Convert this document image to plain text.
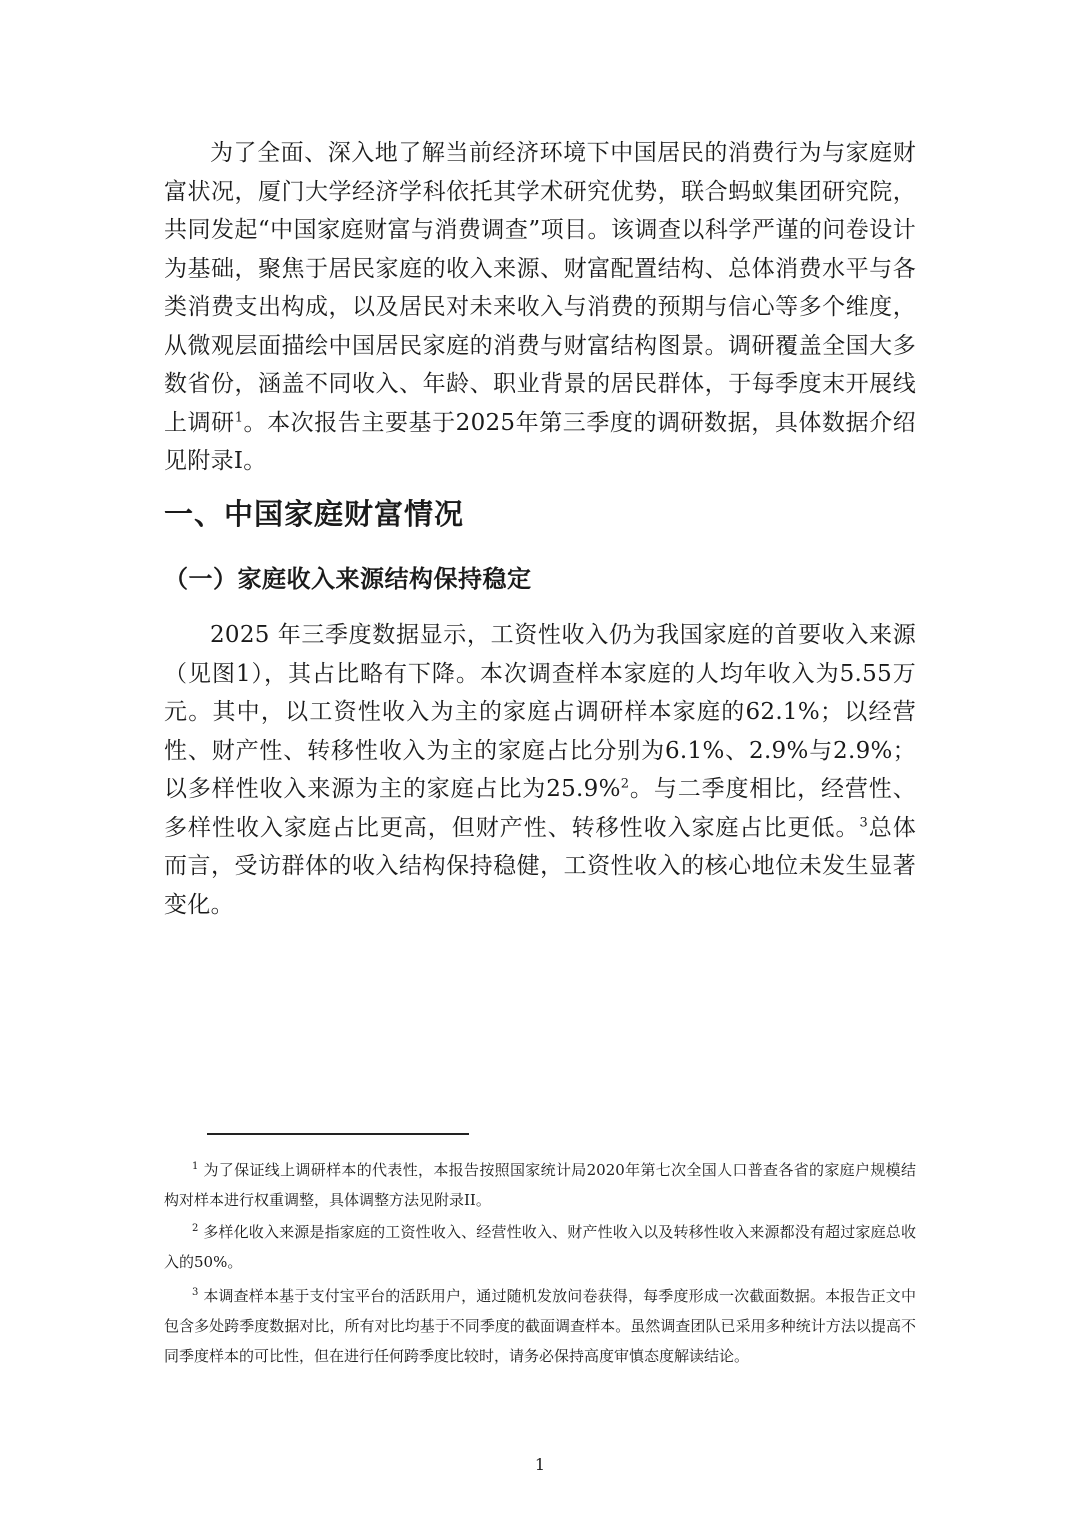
为了全面、深入地了解当前经济环境下中国居民的消费行为与家庭财富状况，厦门大学经济学科依托其学术研究优势，联合蚂蚁集团研究院，共同发起“中国家庭财富与消费调查”项目。该调查以科学严谨的问卷设计为基础，聚焦于居民家庭的收入来源、财富配置结构、总体消费水平与各类消费支出构成，以及居民对未来收入与消费的预期与信心等多个维度，从微观层面描绘中国居民家庭的消费与财富结构图景。调研覆盖全国大多数省份，涵盖不同收入、年龄、职业背景的居民群体，于每季度末开展线上调研$^1$。本次报告主要基于2025年第三季度的调研数据，具体数据介绍见附录I。

一、中国家庭财富情况
（一）家庭收入来源结构保持稳定

2025 年三季度数据显示，工资性收入仍为我国家庭的首要收入来源（见图1），其占比略有下降。本次调查样本家庭的人均年收入为5.55万元。其中，以工资性收入为主的家庭占调研样本家庭的62.1%；以经营性、财产性、转移性收入为主的家庭占比分别为6.1%、2.9%与2.9%；以多样性收入来源为主的家庭占比为25.9%$^2$。与二季度相比，经营性、多样性收入家庭占比更高，但财产性、转移性收入家庭占比更低。$^3$总体而言，受访群体的收入结构保持稳健，工资性收入的核心地位未发生显著变化。

$^1$ 为了保证线上调研样本的代表性，本报告按照国家统计局2020年第七次全国人口普查各省的家庭户规模结构对样本进行权重调整，具体调整方法见附录II。

$^2$ 多样化收入来源是指家庭的工资性收入、经营性收入、财产性收入以及转移性收入来源都没有超过家庭总收入的50%。

$^3$ 本调查样本基于支付宝平台的活跃用户，通过随机发放问卷获得，每季度形成一次截面数据。本报告正文中包含多处跨季度数据对比，所有对比均基于不同季度的截面调查样本。虽然调查团队已采用多种统计方法以提高不同季度样本的可比性，但在进行任何跨季度比较时，请务必保持高度审慎态度解读结论。

1
